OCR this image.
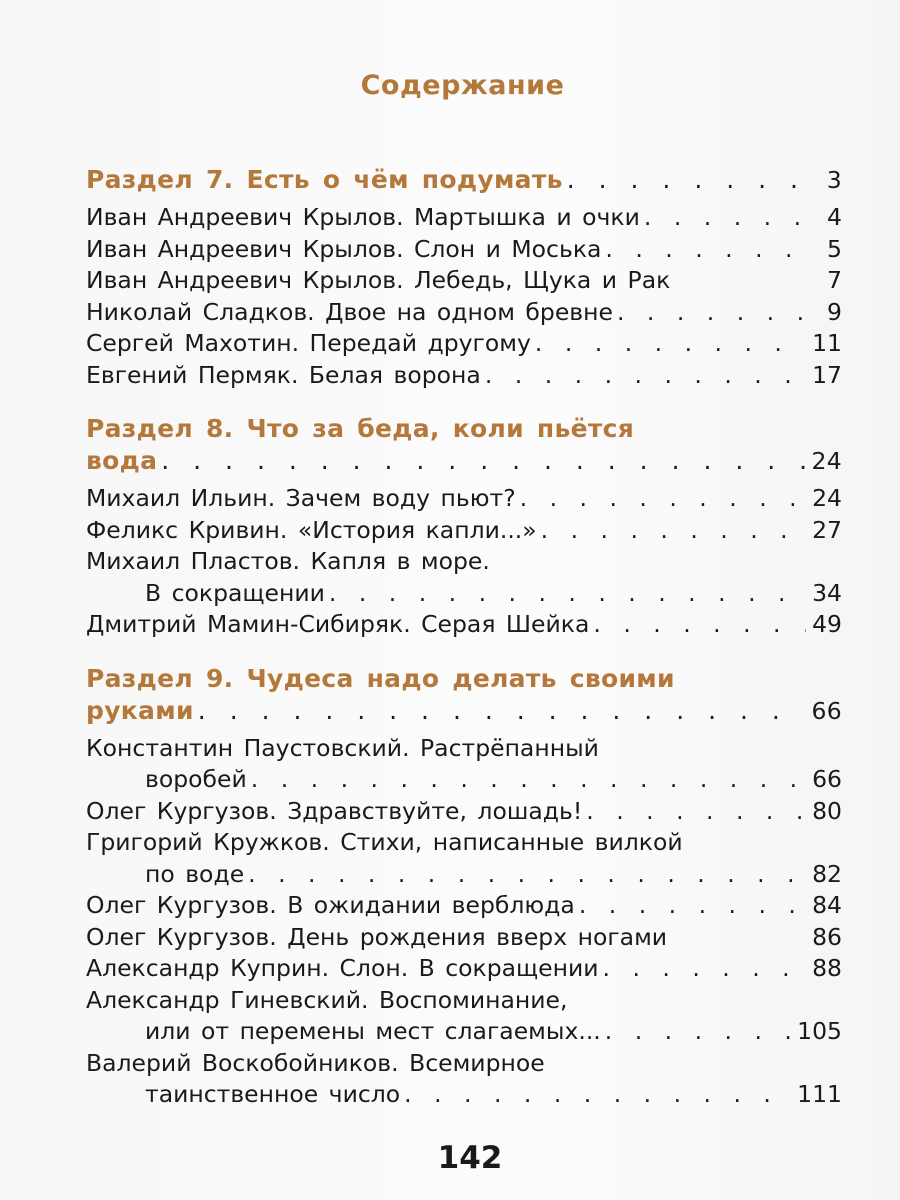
Содержание
Раздел 7. Есть о чём подумать . . .	3
Иван Андреевич Крылов. Мартышка и очки . . .	4
Иван Андреевич Крылов. Слон и Моська . . .	5
Иван Андреевич Крылов. Лебедь, Щука и Рак	7
Николай Сладков. Двое на одном бревне . . .	9
Сергей Махотин. Передай другому . . .	11
Евгений Пермяк. Белая ворона . . .	17
Раздел 8. Что за беда, коли пьётся
вода . . .	24
Михаил Ильин. Зачем воду пьют? . . .	24
Феликс Кривин. «История капли...» . . .	27
Михаил Пластов. Капля в море.
В сокращении . . .	34
Дмитрий Мамин-Сибиряк. Серая Шейка . . .	49
Раздел 9. Чудеса надо делать своими
руками . . .	66
Константин Паустовский. Растрёпанный
воробей . . .	66
Олег Кургузов. Здравствуйте, лошадь! . . .	80
Григорий Кружков. Стихи, написанные вилкой
по воде . . .	82
Олег Кургузов. В ожидании верблюда . . .	84
Олег Кургузов. День рождения вверх ногами	86
Александр Куприн. Слон. В сокращении . . .	88
Александр Гиневский. Воспоминание,
или от перемены мест слагаемых... . . .	105
Валерий Воскобойников. Всемирное
таинственное число . . .	111
142
